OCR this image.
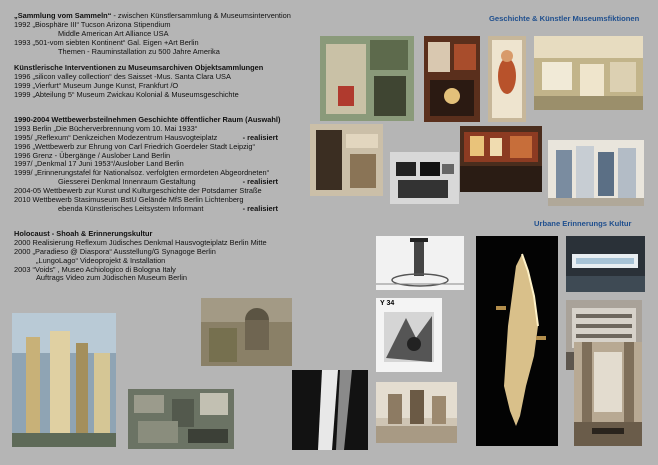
„Sammlung vom Sammeln“ - zwischen Künstlersammlung & Museumsintervention
1992 „Biosphäre III“ Tucson Arizona Stipendium
Middle American Art Alliance USA
1993 „501-vom siebten Kontinent“ Gal. Eigen +Art Berlin
Themen - Rauminstallation zu 500 Jahre Amerika
Künstlerische Interventionen zu Museumsarchiven Objektsammlungen
1996 „silicon valley collection“ des Saisset -Mus. Santa Clara USA
1999 „Vierfurt“ Museum Junge Kunst, Frankfurt /O
1999 „Abteilung 5“ Museum Zwickau Kolonial & Museumsgeschichte
1990-2004 Wettbewerbsteilnehmen Geschichte öffentlicher Raum (Auswahl)
1993 Berlin „Die Bücherverbrennung vom 10. Mai 1933“
1995/ „Reflexum“ Denkzeichen Modezentrum Hausvogteiplatz	- realisiert
1996 „Wettbewerb zur Ehrung von Carl Friedrich Goerdeler Stadt Leipzig“
1996 Grenz - Übergänge / Auslober Land Berlin
1997/ „Denkmal 17 Juni 1953“/Auslober Land Berlin
1999/ „Erinnerungstafel für Nationalsoz. verfolgten ermordeten Abgeordneten“
Giesserei Denkmal Innenraum Gestaltung	- realisiert
2004-05 Wettbewerb zur Kunst und Kulturgeschichte der Potsdamer Straße
2010 Wettbewerb Stasimuseum BstU Gelände MfS Berlin Lichtenberg
ebenda Künstlerisches Leitsystem Informant	- realisiert
Holocaust - Shoah & Erinnerungskultur
2000 Realisierung Reflexum Jüdisches Denkmal Hausvogteiplatz Berlin Mitte
2000 „Paradieso @ Diaspora“ Ausstellung/G Synagoge Berlin
„LungoLago“ Videoprojekt & Installation
2003 “Voids” , Museo Achiologico di Bologna Italy
Auftrags Video zum Jüdischen Museum Berlin
Geschichte & Künstler Museumsfiktionen
Urbane Erinnerungs Kultur
Y 34
